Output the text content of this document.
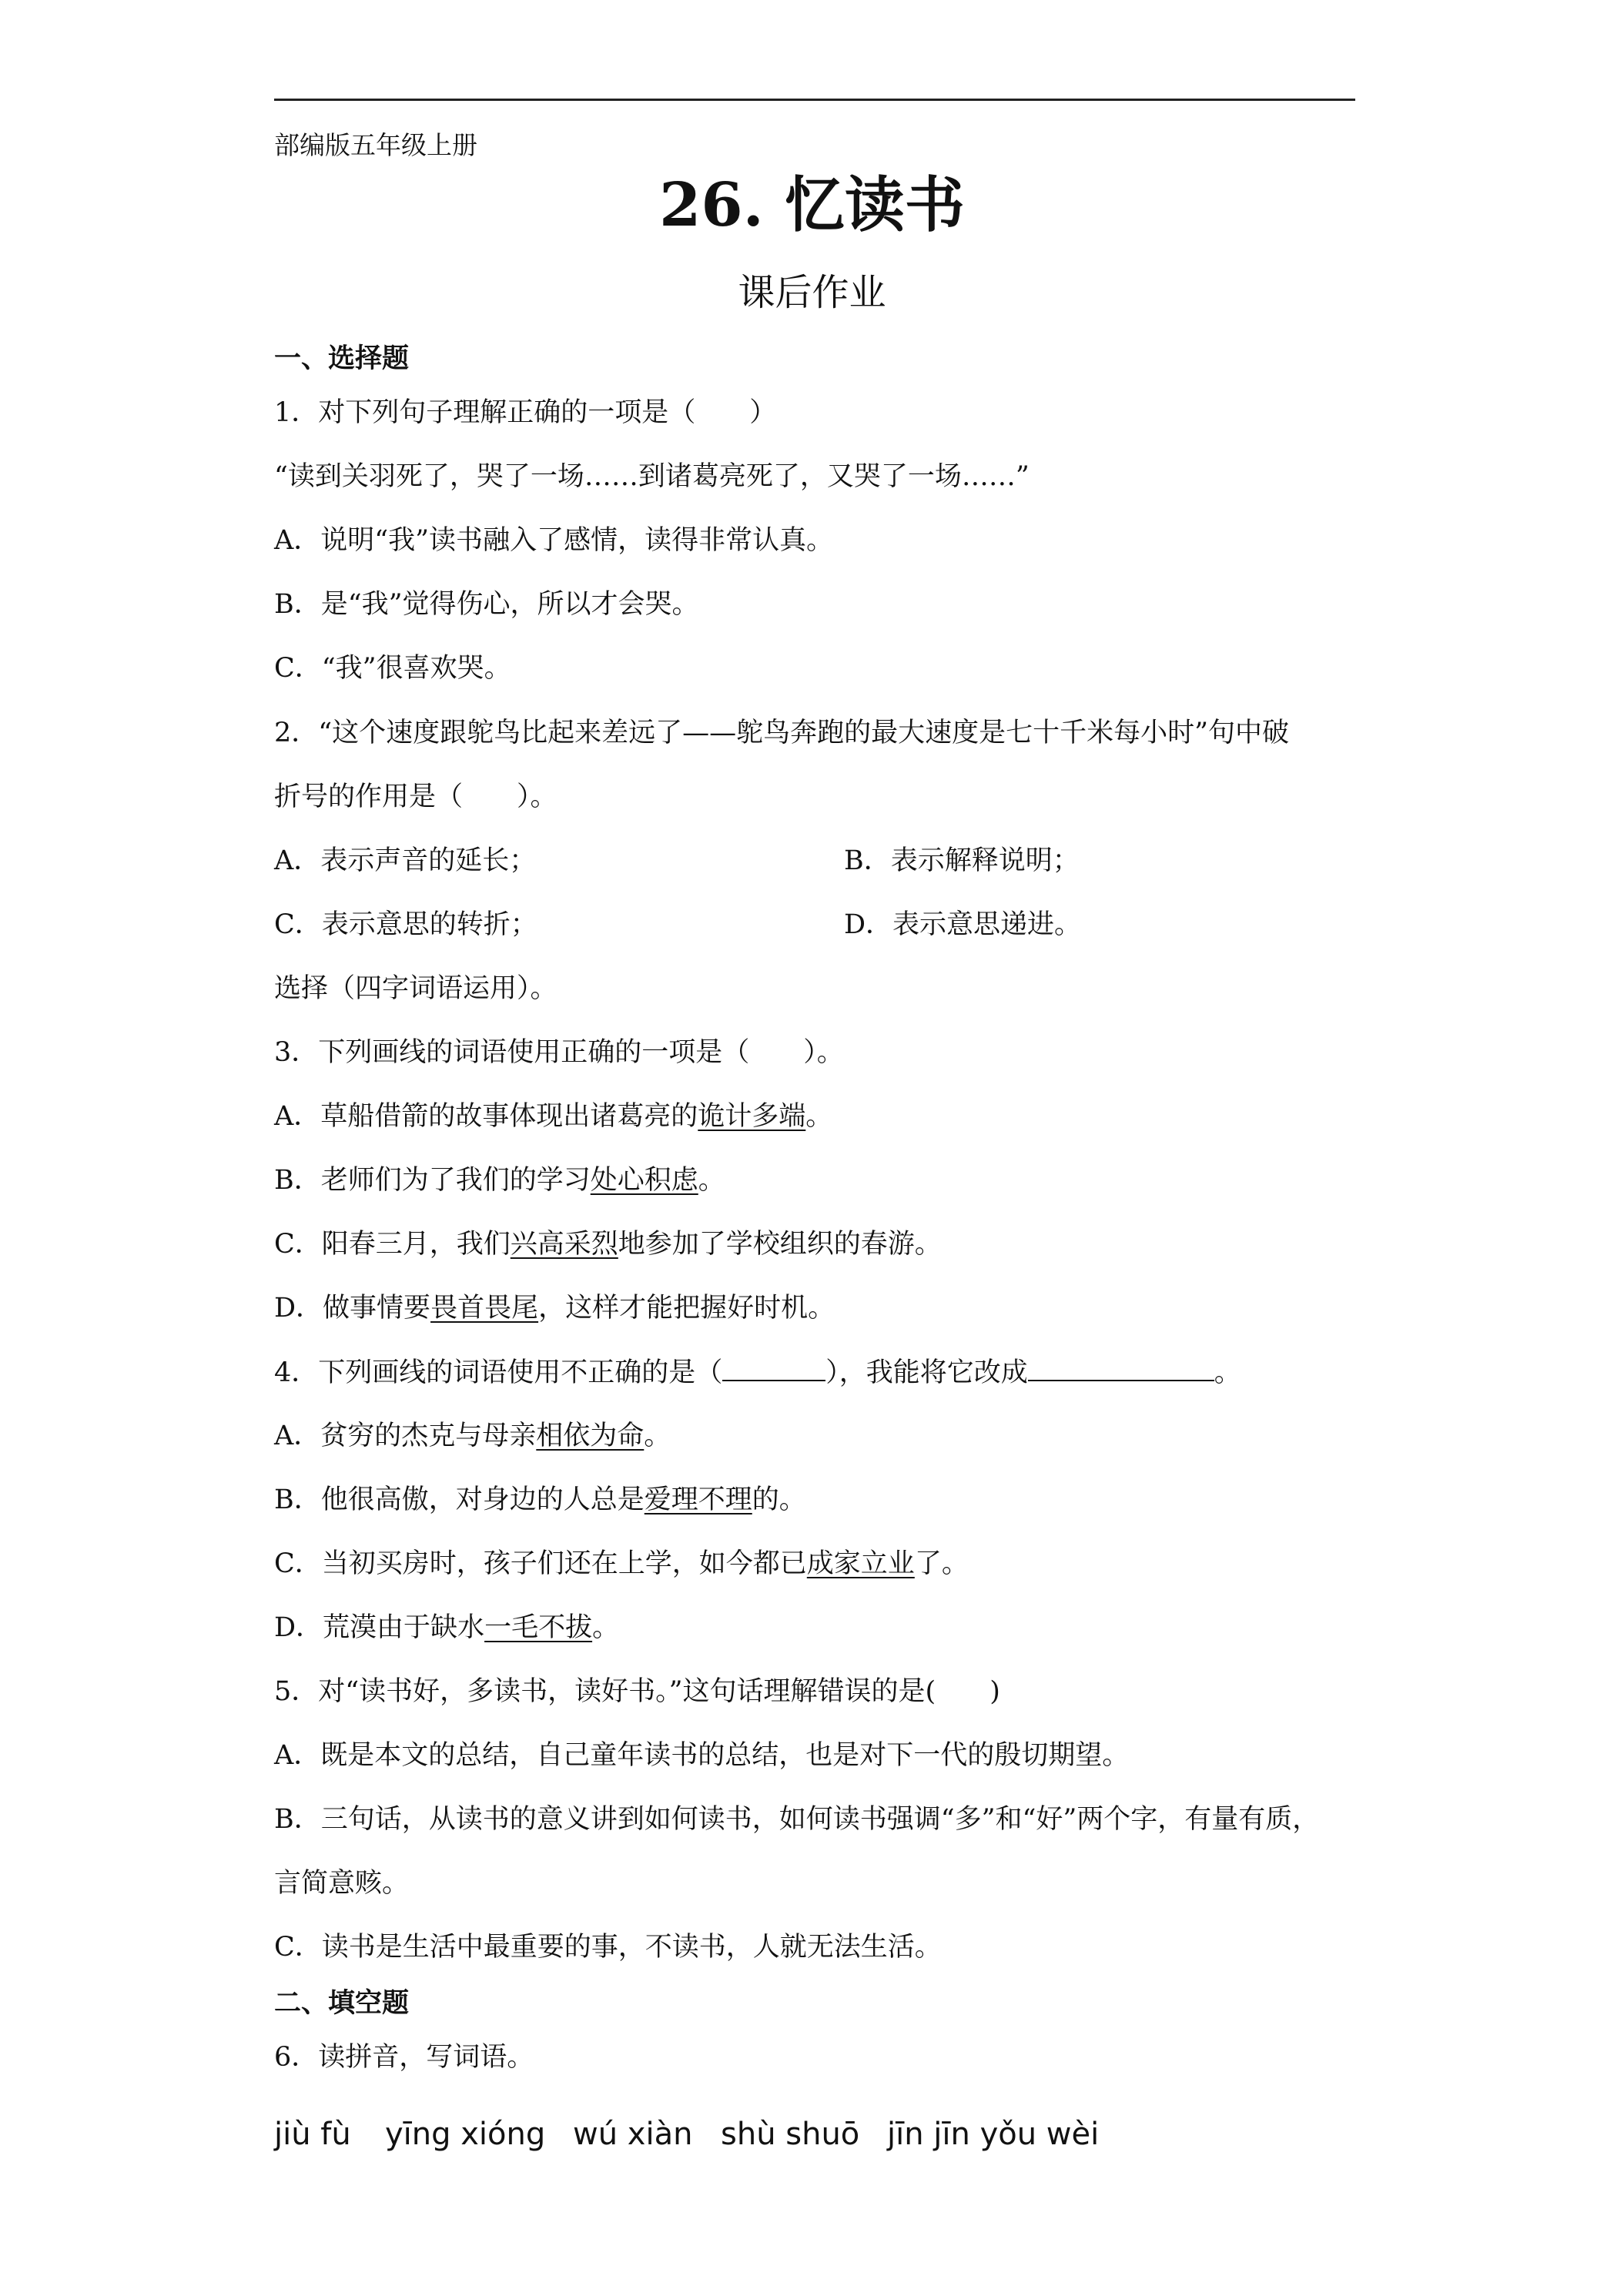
部编版五年级上册
26. 忆读书
课后作业
一、选择题
1．对下列句子理解正确的一项是（　　）
“读到关羽死了，哭了一场……到诸葛亮死了，又哭了一场……”
A．说明“我”读书融入了感情，读得非常认真。
B．是“我”觉得伤心，所以才会哭。
C．“我”很喜欢哭。
2．“这个速度跟鸵鸟比起来差远了——鸵鸟奔跑的最大速度是七十千米每小时”句中破
折号的作用是（　　）。
A．表示声音的延长；	B．表示解释说明；
C．表示意思的转折；	D．表示意思递进。
选择（四字词语运用）。
3．下列画线的词语使用正确的一项是（　　）。
A．草船借箭的故事体现出诸葛亮的诡计多端。
B．老师们为了我们的学习处心积虑。
C．阳春三月，我们兴高采烈地参加了学校组织的春游。
D．做事情要畏首畏尾，这样才能把握好时机。
4．下列画线的词语使用不正确的是（	），我能将它改成	。
A．贫穷的杰克与母亲相依为命。
B．他很高傲，对身边的人总是爱理不理的。
C．当初买房时，孩子们还在上学，如今都已成家立业了。
D．荒漠由于缺水一毛不拔。
5．对“读书好，多读书，读好书。”这句话理解错误的是(　　)
A．既是本文的总结，自己童年读书的总结，也是对下一代的殷切期望。
B．三句话，从读书的意义讲到如何读书，如何读书强调“多”和“好”两个字，有量有质，
言简意赅。
C．读书是生活中最重要的事，不读书，人就无法生活。
二、填空题
6．读拼音，写词语。
jiù fù yīng xióng wú xiàn shù shuō jīn jīn yǒu wèi
